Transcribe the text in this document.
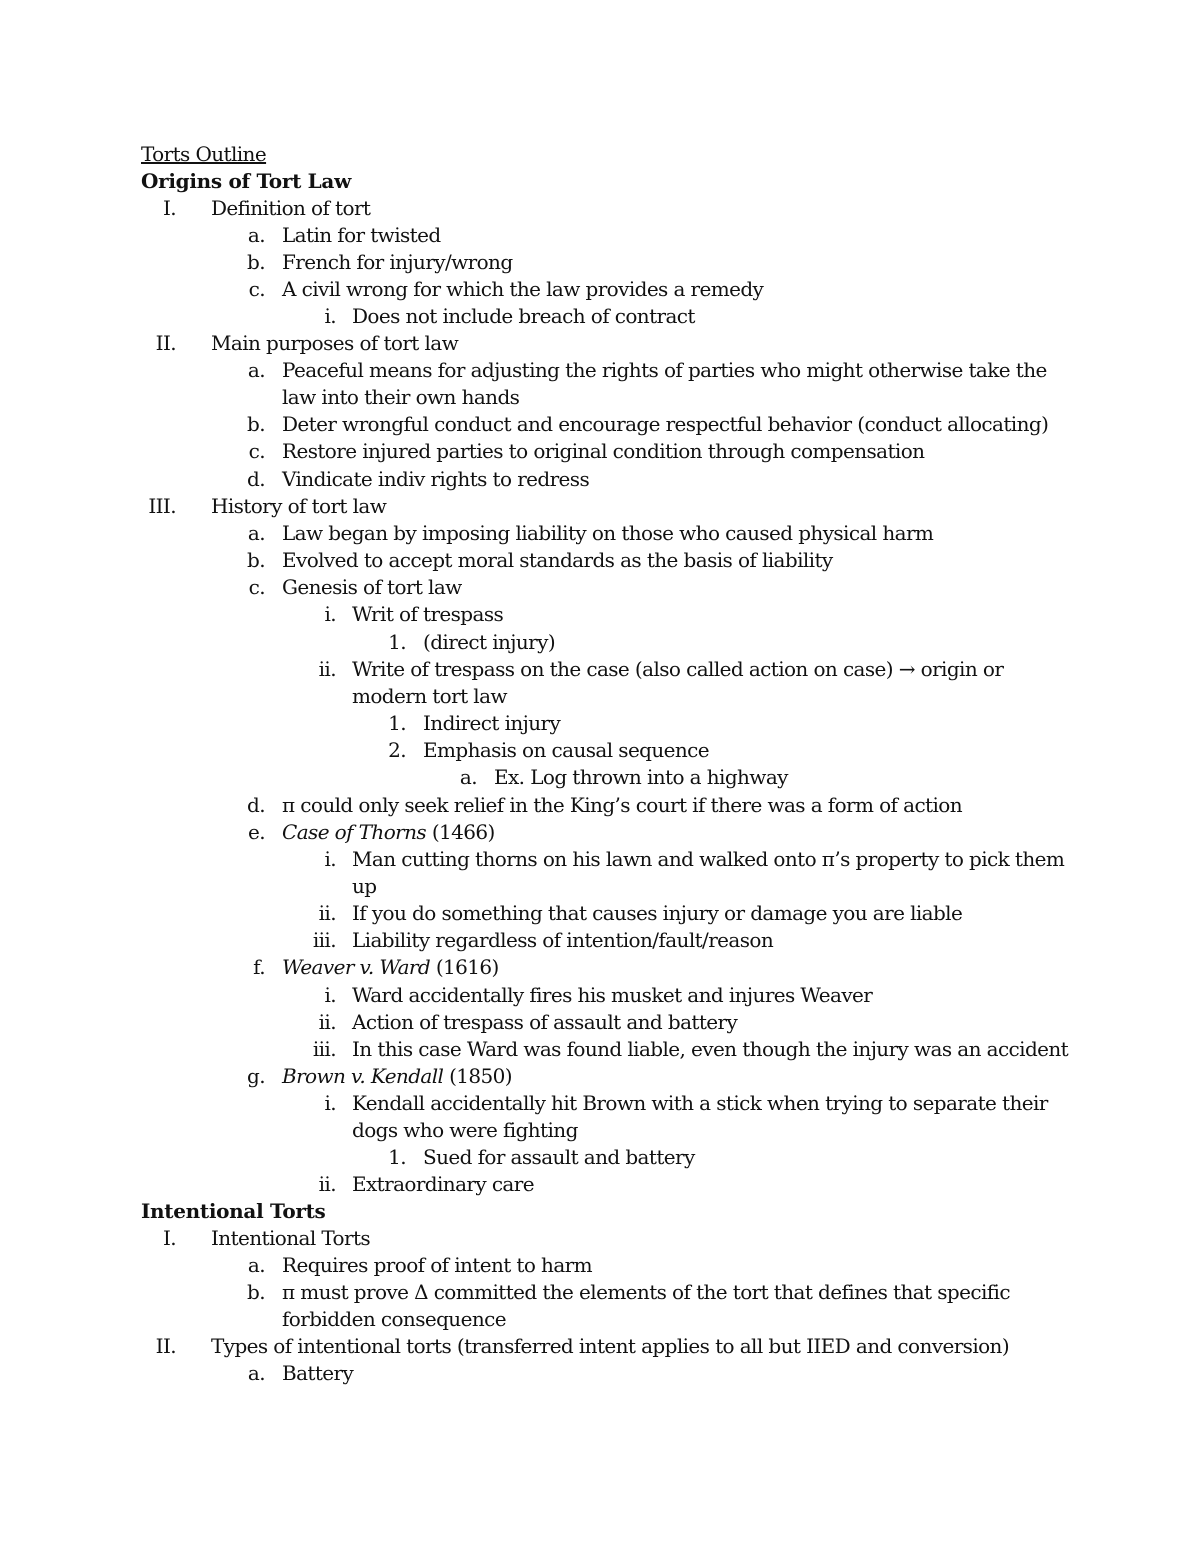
Torts Outline
Origins of Tort Law
I. Definition of tort
a. Latin for twisted
b. French for injury/wrong
c. A civil wrong for which the law provides a remedy
i. Does not include breach of contract
II. Main purposes of tort law
a. Peaceful means for adjusting the rights of parties who might otherwise take the
law into their own hands
b. Deter wrongful conduct and encourage respectful behavior (conduct allocating)
c. Restore injured parties to original condition through compensation
d. Vindicate indiv rights to redress
III. History of tort law
a. Law began by imposing liability on those who caused physical harm
b. Evolved to accept moral standards as the basis of liability
c. Genesis of tort law
i. Writ of trespass
1. (direct injury)
ii. Write of trespass on the case (also called action on case) → origin or
modern tort law
1. Indirect injury
2. Emphasis on causal sequence
a. Ex. Log thrown into a highway
d. π could only seek relief in the King’s court if there was a form of action
e. Case of Thorns (1466)
i. Man cutting thorns on his lawn and walked onto π’s property to pick them
up
ii. If you do something that causes injury or damage you are liable
iii. Liability regardless of intention/fault/reason
f. Weaver v. Ward (1616)
i. Ward accidentally fires his musket and injures Weaver
ii. Action of trespass of assault and battery
iii. In this case Ward was found liable, even though the injury was an accident
g. Brown v. Kendall (1850)
i. Kendall accidentally hit Brown with a stick when trying to separate their
dogs who were fighting
1. Sued for assault and battery
ii. Extraordinary care
Intentional Torts
I. Intentional Torts
a. Requires proof of intent to harm
b. π must prove Δ committed the elements of the tort that defines that specific
forbidden consequence
II. Types of intentional torts (transferred intent applies to all but IIED and conversion)
a. Battery
